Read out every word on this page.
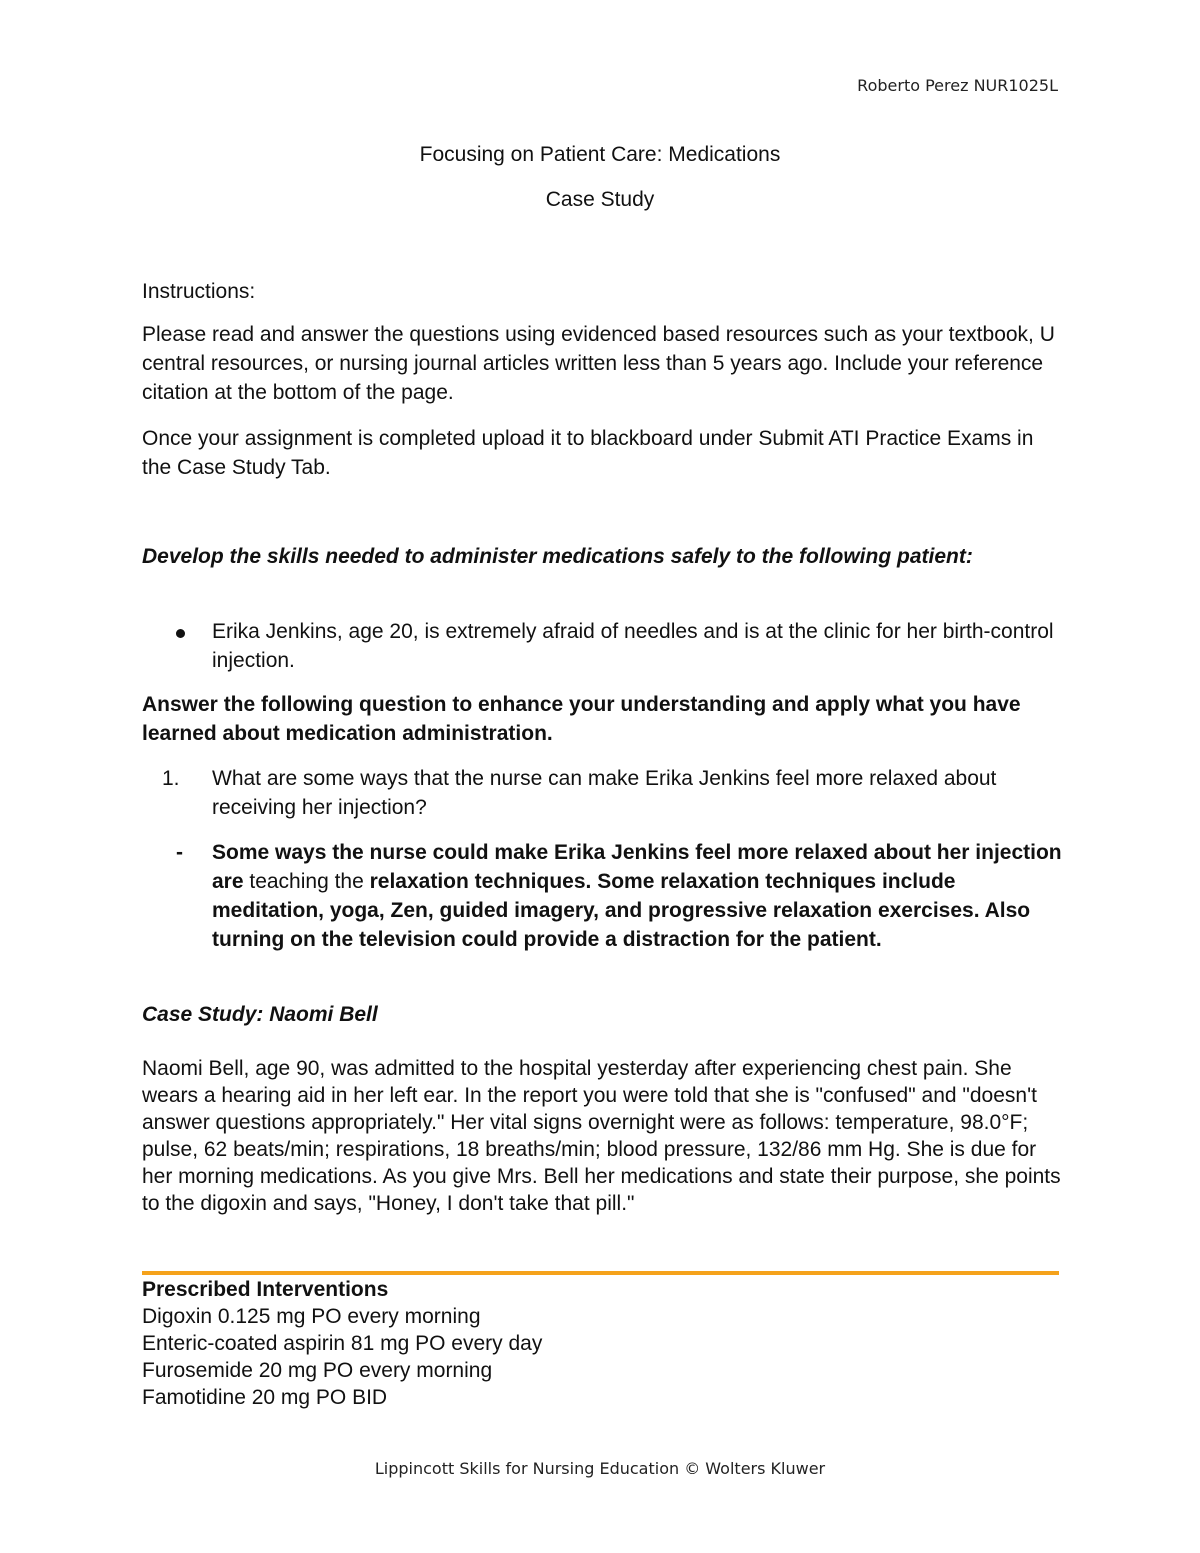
Roberto Perez NUR1025L
Focusing on Patient Care: Medications
Case Study

Instructions:

Please read and answer the questions using evidenced based resources such as your textbook, U central resources, or nursing journal articles written less than 5 years ago. Include your reference citation at the bottom of the page.

Once your assignment is completed upload it to blackboard under Submit ATI Practice Exams in the Case Study Tab.

Develop the skills needed to administer medications safely to the following patient:

Erika Jenkins, age 20, is extremely afraid of needles and is at the clinic for her birth-control injection.

Answer the following question to enhance your understanding and apply what you have learned about medication administration.

1. What are some ways that the nurse can make Erika Jenkins feel more relaxed about receiving her injection?
- Some ways the nurse could make Erika Jenkins feel more relaxed about her injection are teaching the relaxation techniques. Some relaxation techniques include meditation, yoga, Zen, guided imagery, and progressive relaxation exercises. Also turning on the television could provide a distraction for the patient.

Case Study: Naomi Bell

Naomi Bell, age 90, was admitted to the hospital yesterday after experiencing chest pain. She wears a hearing aid in her left ear. In the report you were told that she is "confused" and "doesn't answer questions appropriately." Her vital signs overnight were as follows: temperature, 98.0°F; pulse, 62 beats/min; respirations, 18 breaths/min; blood pressure, 132/86 mm Hg. She is due for her morning medications. As you give Mrs. Bell her medications and state their purpose, she points to the digoxin and says, "Honey, I don't take that pill."

Prescribed Interventions
Digoxin 0.125 mg PO every morning
Enteric-coated aspirin 81 mg PO every day
Furosemide 20 mg PO every morning
Famotidine 20 mg PO BID
Lippincott Skills for Nursing Education © Wolters Kluwer
